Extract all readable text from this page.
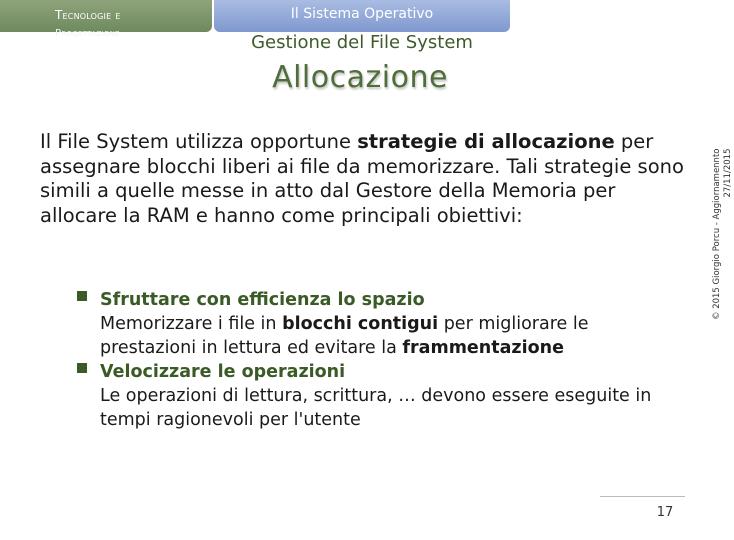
Tecnologie e
Progettazione
Il Sistema Operativo
Gestione del File System
Allocazione
Il File System utilizza opportune strategie di allocazione per assegnare blocchi liberi ai file da memorizzare. Tali strategie sono simili a quelle messe in atto dal Gestore della Memoria per allocare la RAM e hanno come principali obiettivi:
Sfruttare con efficienza lo spazio
Memorizzare i file in blocchi contigui per migliorare le prestazioni in lettura ed evitare la frammentazione
Velocizzare le operazioni
Le operazioni di lettura, scrittura, … devono essere eseguite in tempi ragionevoli per l'utente
© 2015 Giorgio Porcu - Aggiornamennto 27/11/2015
17
